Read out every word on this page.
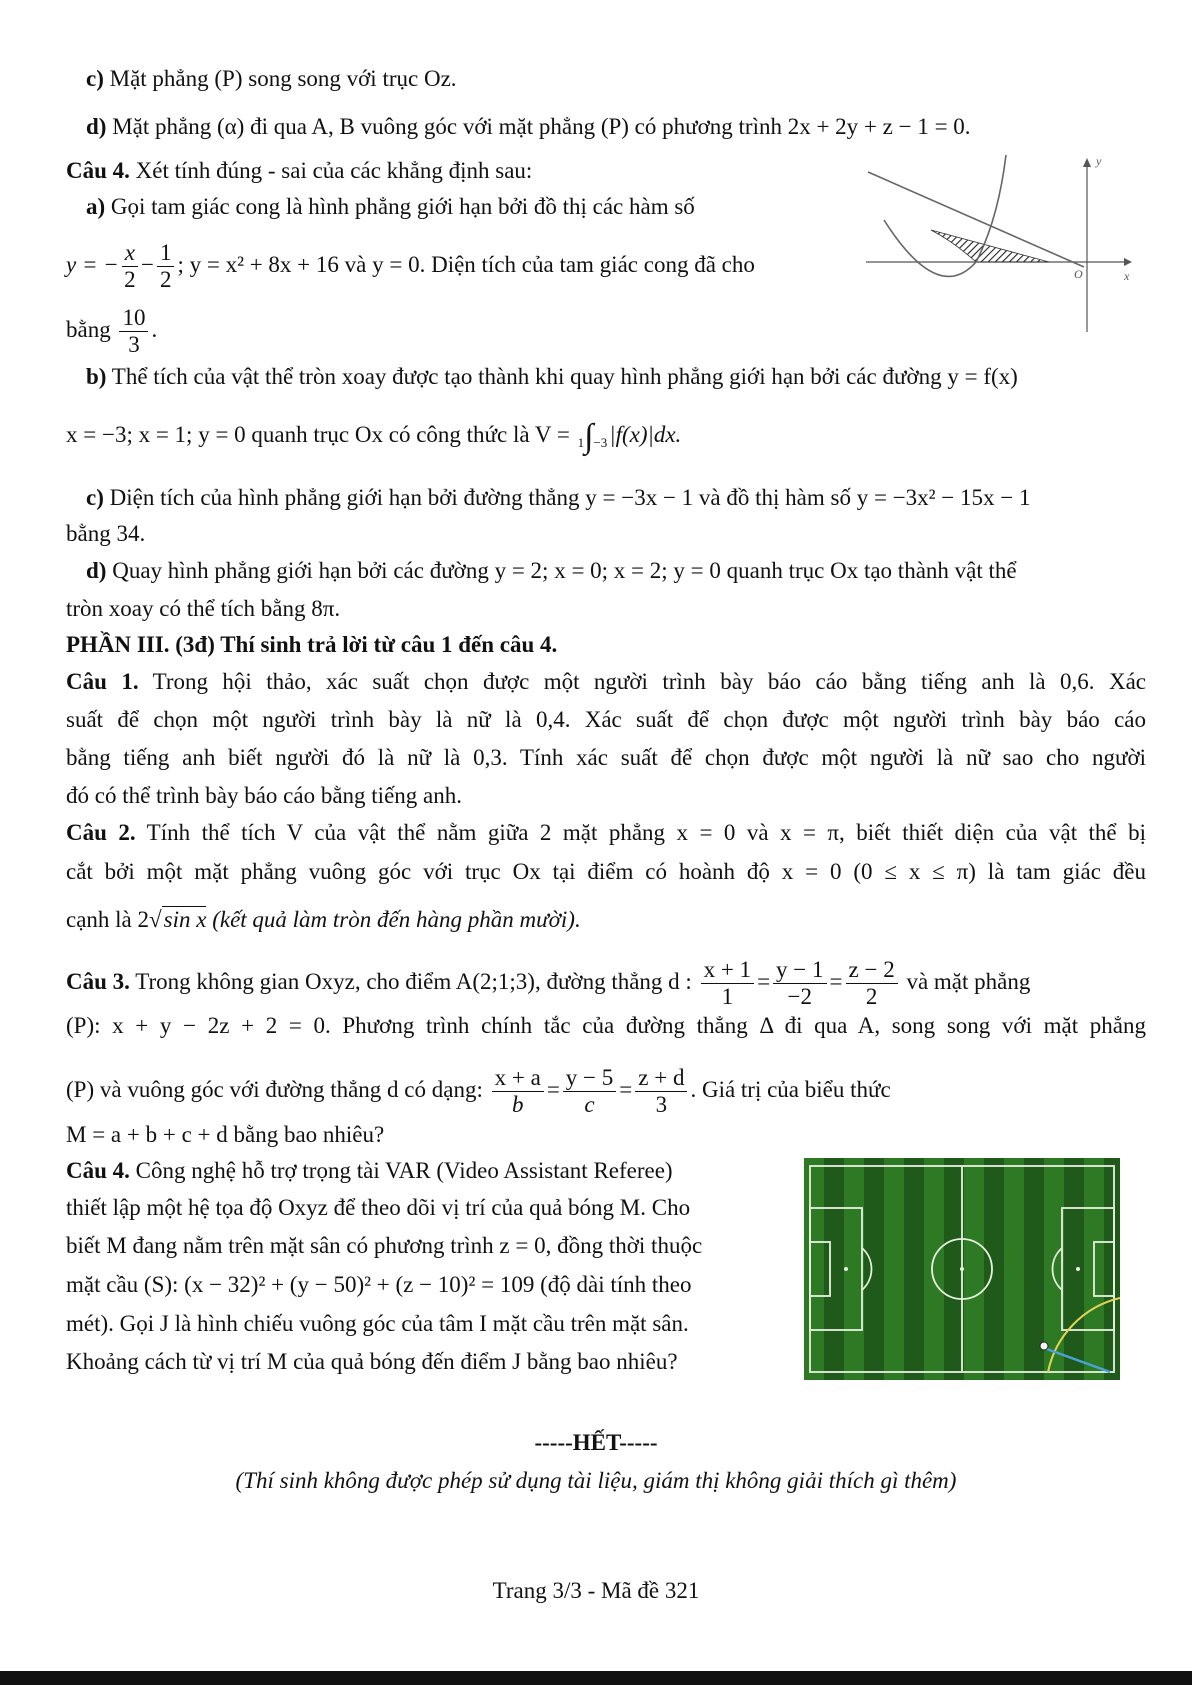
c) Mặt phẳng (P) song song với trục Oz.
d) Mặt phẳng (α) đi qua A, B vuông góc với mặt phẳng (P) có phương trình 2x + 2y + z − 1 = 0.
Câu 4. Xét tính đúng - sai của các khẳng định sau:
a) Gọi tam giác cong là hình phẳng giới hạn bởi đồ thị các hàm số
y = − $\frac{x}{2} - \frac{1}{2}$ ; y = x² + 8x + 16 và y = 0. Diện tích của tam giác cong đã cho
bằng $\frac{10}{3}$ .
y
x
O
b) Thể tích của vật thể tròn xoay được tạo thành khi quay hình phẳng giới hạn bởi các đường y = f(x)
x = −3; x = 1; y = 0 quanh trục Ox có công thức là V = 1∫−3|f(x)|dx.
c) Diện tích của hình phẳng giới hạn bởi đường thẳng y = −3x − 1 và đồ thị hàm số y = −3x² − 15x − 1
bằng 34.
d) Quay hình phẳng giới hạn bởi các đường y = 2; x = 0; x = 2; y = 0 quanh trục Ox tạo thành vật thể
tròn xoay có thể tích bằng 8π.
PHẦN III. (3đ) Thí sinh trả lời từ câu 1 đến câu 4.
Câu 1. Trong hội thảo, xác suất chọn được một người trình bày báo cáo bằng tiếng anh là 0,6. Xác
suất để chọn một người trình bày là nữ là 0,4. Xác suất để chọn được một người trình bày báo cáo
bằng tiếng anh biết người đó là nữ là 0,3. Tính xác suất để chọn được một người là nữ sao cho người
đó có thể trình bày báo cáo bằng tiếng anh.
Câu 2. Tính thể tích V của vật thể nằm giữa 2 mặt phẳng x = 0 và x = π, biết thiết diện của vật thể bị
cắt bởi một mặt phẳng vuông góc với trục Ox tại điểm có hoành độ x = 0 (0 ≤ x ≤ π) là tam giác đều
cạnh là 2√sin x (kết quả làm tròn đến hàng phần mười).
Câu 3. Trong không gian Oxyz, cho điểm A(2;1;3), đường thẳng d : $\frac{x + 1}{1} = \frac{y - 1}{-2} = \frac{z - 2}{2}$ và mặt phẳng
(P): x + y − 2z + 2 = 0. Phương trình chính tắc của đường thẳng Δ đi qua A, song song với mặt phẳng
(P) và vuông góc với đường thẳng d có dạng: $\frac{x + a}{b} = \frac{y - 5}{c} = \frac{z + d}{3}$ . Giá trị của biểu thức
M = a + b + c + d bằng bao nhiêu?
Câu 4. Công nghệ hỗ trợ trọng tài VAR (Video Assistant Referee)
thiết lập một hệ tọa độ Oxyz để theo dõi vị trí của quả bóng M. Cho
biết M đang nằm trên mặt sân có phương trình z = 0, đồng thời thuộc
mặt cầu (S): (x − 32)² + (y − 50)² + (z − 10)² = 109 (độ dài tính theo
mét). Gọi J là hình chiếu vuông góc của tâm I mặt cầu trên mặt sân.
Khoảng cách từ vị trí M của quả bóng đến điểm J bằng bao nhiêu?
-----HẾT-----
(Thí sinh không được phép sử dụng tài liệu, giám thị không giải thích gì thêm)
Trang 3/3 - Mã đề 321
